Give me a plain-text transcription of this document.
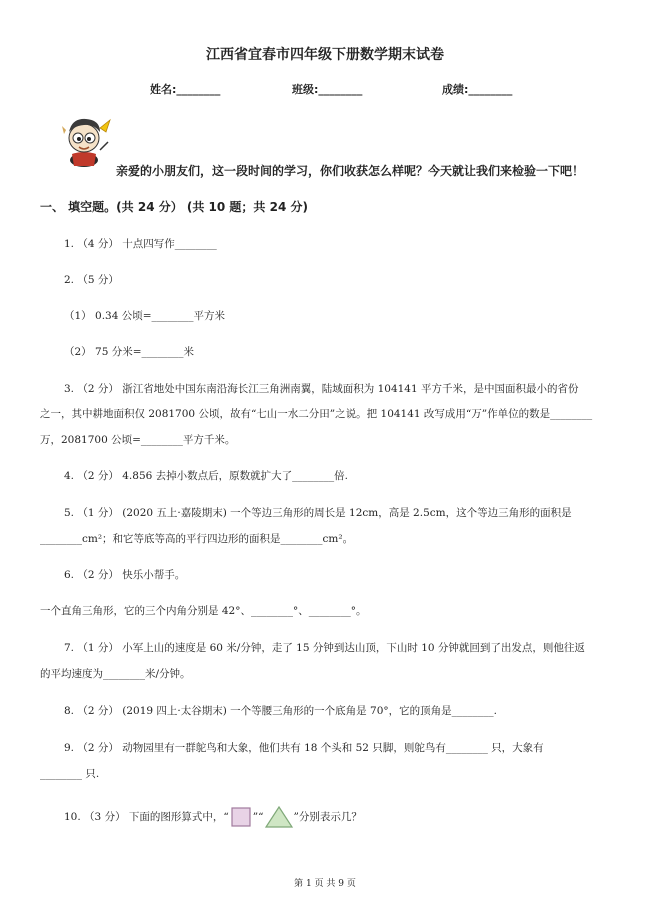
江西省宜春市四年级下册数学期末试卷
姓名:________	班级:________	成绩:________
亲爱的小朋友们，这一段时间的学习，你们收获怎么样呢？今天就让我们来检验一下吧！
一、 填空题。(共 24 分） (共 10 题；共 24 分)
1. （4 分） 十点四写作________
2. （5 分）
（1） 0.34 公顷=________平方米
（2） 75 分米=________米
3. （2 分） 浙江省地处中国东南沿海长江三角洲南翼，陆域面积为 104141 平方千米，是中国面积最小的省份
之一，其中耕地面积仅 2081700 公顷，故有“七山一水二分田”之说。把 104141 改写成用“万”作单位的数是________
万，2081700 公顷=________平方千米。
4. （2 分） 4.856 去掉小数点后，原数就扩大了________倍.
5. （1 分） (2020 五上·嘉陵期末) 一个等边三角形的周长是 12cm，高是 2.5cm，这个等边三角形的面积是
________cm²；和它等底等高的平行四边形的面积是________cm²。
6. （2 分） 快乐小帮手。
一个直角三角形，它的三个内角分别是 42°、________°、________°。
7. （1 分） 小军上山的速度是 60 米/分钟，走了 15 分钟到达山顶，下山时 10 分钟就回到了出发点，则他往返
的平均速度为________米/分钟。
8. （2 分） (2019 四上·太谷期末) 一个等腰三角形的一个底角是 70°，它的顶角是________.
9. （2 分） 动物园里有一群鸵鸟和大象，他们共有 18 个头和 52 只脚，则鸵鸟有________ 只，大象有
________ 只.
10. （3 分） 下面的图形算式中，“ ”“	”分别表示几？
第 1 页 共 9 页
